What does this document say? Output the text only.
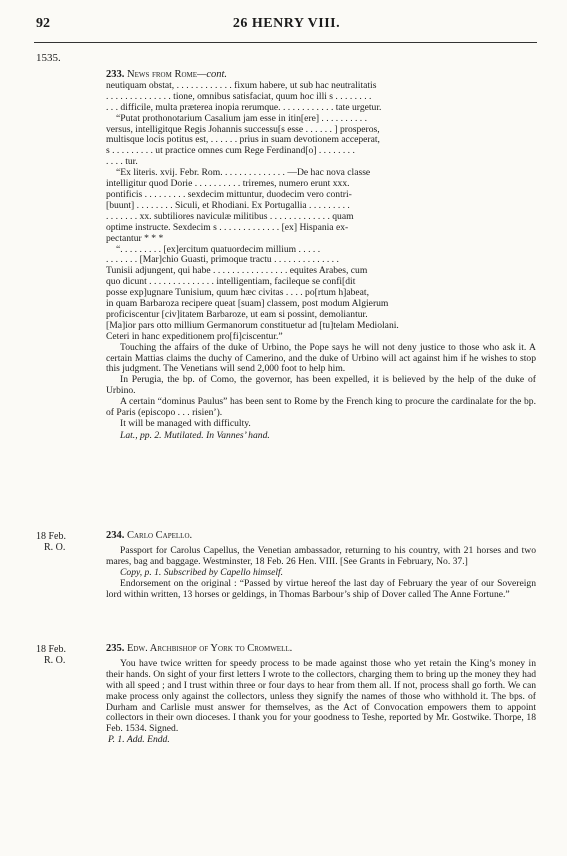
92	26 HENRY VIII.
1535.
233. News from Rome—cont.
neutiquam obstat, . . . . . . . . . . . . fixum habere, ut sub hac neutralitatis
. . . . . . . . . . . . . . tione, omnibus satisfaciat, quum hoc illi s . . . . . . . .
. . . difficile, multa præterea inopia rerumque. . . . . . . . . . . . tate urgetur.
“Putat prothonotarium Casalium jam esse in itin[ere] . . . . . . . . . .
versus, intelligitque Regis Johannis successu[s esse . . . . . . ] prosperos,
multisque locis potitus est, . . . . . . prius in suam devotionem acceperat,
s . . . . . . . . . ut practice omnes cum Rege Ferdinand[o] . . . . . . . .
. . . . tur.
“Ex literis. xvij. Febr. Rom. . . . . . . . . . . . . . —De hac nova classe
intelligitur quod Dorie . . . . . . . . . . triremes, numero erunt xxx.
pontificis . . . . . . . . . sexdecim mittuntur, duodecim vero contri-
[buunt] . . . . . . . . Siculi, et Rhodiani. Ex Portugallia . . . . . . . . .
. . . . . . . xx. subtiliores naviculæ militibus . . . . . . . . . . . . . quam
optime instructe. Sexdecim s . . . . . . . . . . . . . [ex] Hispania ex-
pectantur * * *
“. . . . . . . . . [ex]ercitum quatuordecim millium . . . . .
. . . . . . . [Mar]chio Guasti, primoque tractu . . . . . . . . . . . . . .
Tunisii adjungent, qui habe . . . . . . . . . . . . . . . . equites Arabes, cum
quo dicunt . . . . . . . . . . . . . . intelligentiam, facileque se confi[dit
posse exp]ugnare Tunisium, quum hæc civitas . . . . po[rtum h]abeat,
in quam Barbaroza recipere queat [suam] classem, post modum Algierum
proficiscentur [civ]itatem Barbaroze, ut eam si possint, demoliantur.
[Ma]ior pars otto millium Germanorum constituetur ad [tu]telam Mediolani.
Ceteri in hanc expeditionem pro[fi]ciscentur.”

Touching the affairs of the duke of Urbino, the Pope says he will not deny justice to those who ask it. A certain Mattias claims the duchy of Camerino, and the duke of Urbino will act against him if he wishes to stop this judgment. The Venetians will send 2,000 foot to help him.

In Perugia, the bp. of Como, the governor, has been expelled, it is believed by the help of the duke of Urbino.

A certain “dominus Paulus” has been sent to Rome by the French king to procure the cardinalate for the bp. of Paris (episcopo . . . risien’).

It will be managed with difficulty.

Lat., pp. 2. Mutilated. In Vannes’ hand.

18 Feb.
R. O.
234. Carlo Capello.

Passport for Carolus Capellus, the Venetian ambassador, returning to his country, with 21 horses and two mares, bag and baggage. Westminster, 18 Feb. 26 Hen. VIII. [See Grants in February, No. 37.]

Copy, p. 1. Subscribed by Capello himself.

Endorsement on the original : “Passed by virtue hereof the last day of February the year of our Sovereign lord within written, 13 horses or geldings, in Thomas Barbour’s ship of Dover called The Anne Fortune.”

18 Feb.
R. O.
235. Edw. Archbishop of York to Cromwell.

You have twice written for speedy process to be made against those who yet retain the King’s money in their hands. On sight of your first letters I wrote to the collectors, charging them to bring up the money they had with all speed ; and I trust within three or four days to hear from them all. If not, process shall go forth. We can make process only against the collectors, unless they signify the names of those who withhold it. The bps. of Durham and Carlisle must answer for themselves, as the Act of Convocation empowers them to appoint collectors in their own dioceses. I thank you for your goodness to Teshe, reported by Mr. Gostwike. Thorpe, 18 Feb. 1534. Signed.

P. 1. Add. Endd.
